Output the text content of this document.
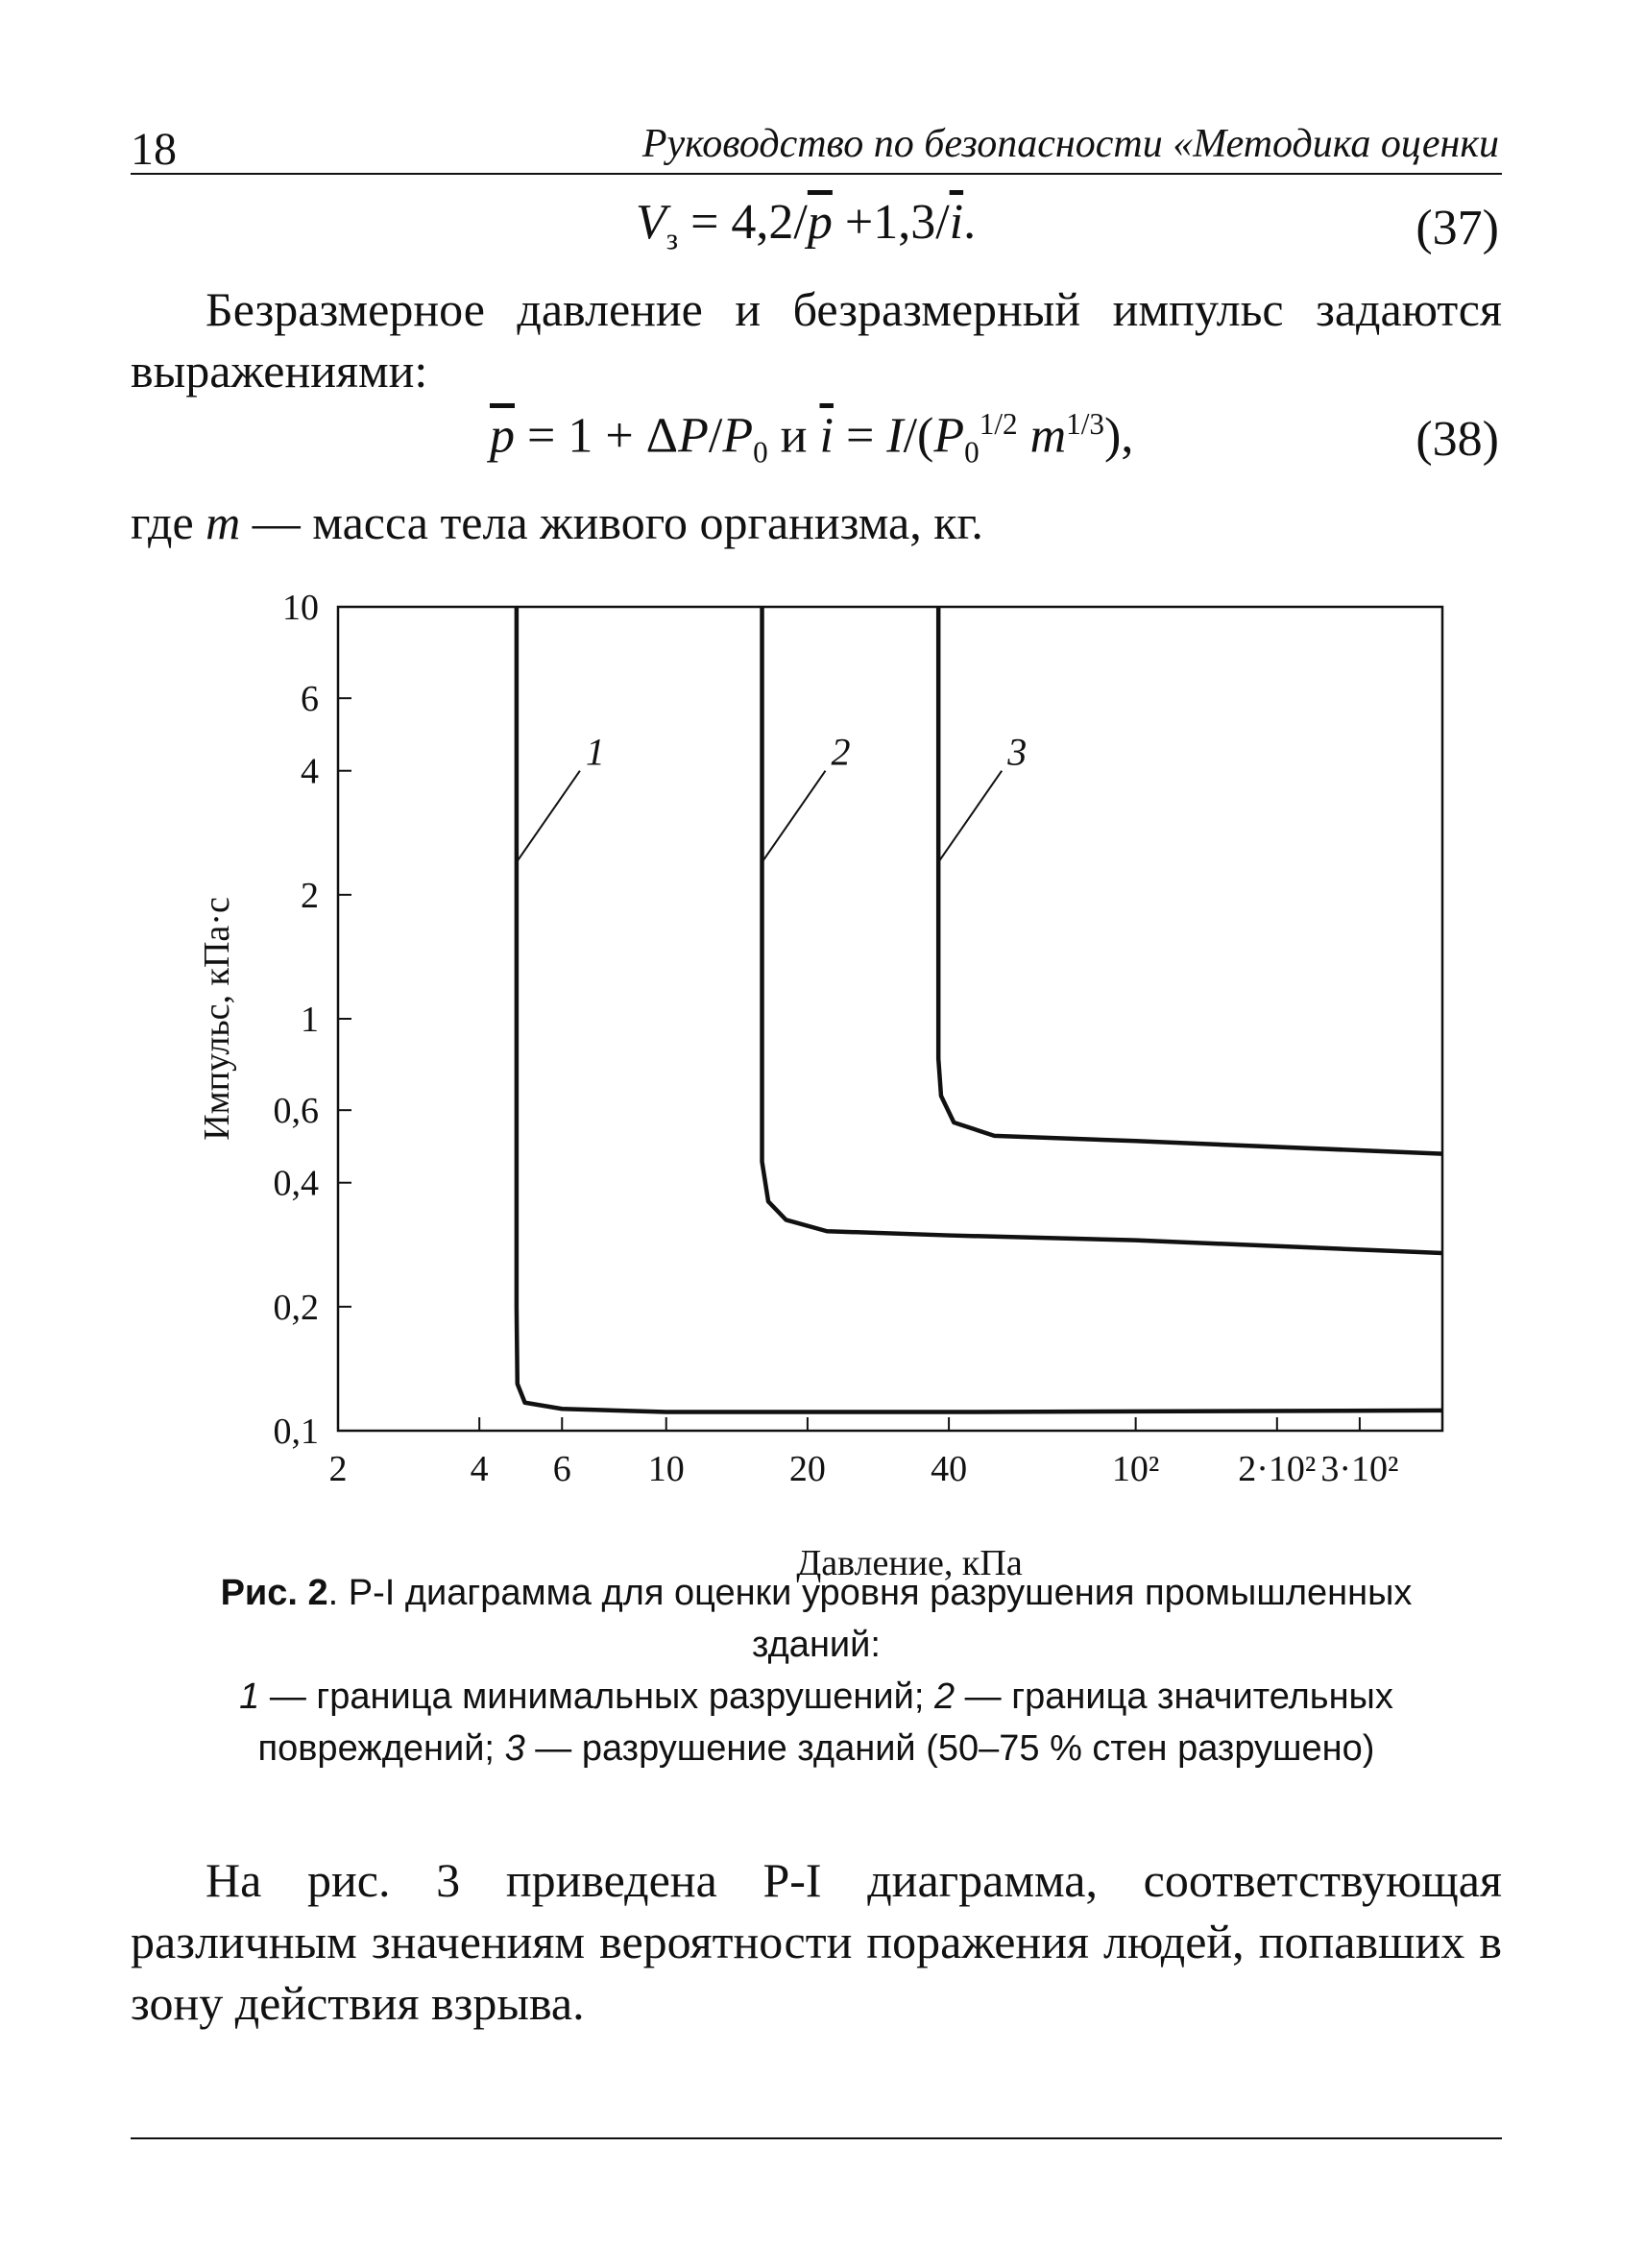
18	Руководство по безопасности «Методика оценки
$V_з = 4,2/\overline{p} +1,3/\overline{i}$.	(37)
Безразмерное давление и безразмерный импульс задаются выражениями:
$\overline{p} = 1 + \Delta P/P_0$ и $\overline{i} = I/(P_0^{1/2}$ $m^{1/3}$),	(38)
где m — масса тела живого организма, кг.
2	4 6 10	20	40	10² 2·10² 3·10²
0,1
0,2
0,4
0,6
1
2
4
6
10
1	2	3
Давление, кПа
Импульс, кПа·с
Рис. 2. Р-I диаграмма для оценки уровня разрушения промышленных
зданий:
1 — граница минимальных разрушений; 2 — граница значительных
повреждений; 3 — разрушение зданий (50–75 % стен разрушено)
На рис. 3 приведена Р-I диаграмма, соответствующая различным значениям вероятности поражения людей, попавших в зону действия взрыва.
